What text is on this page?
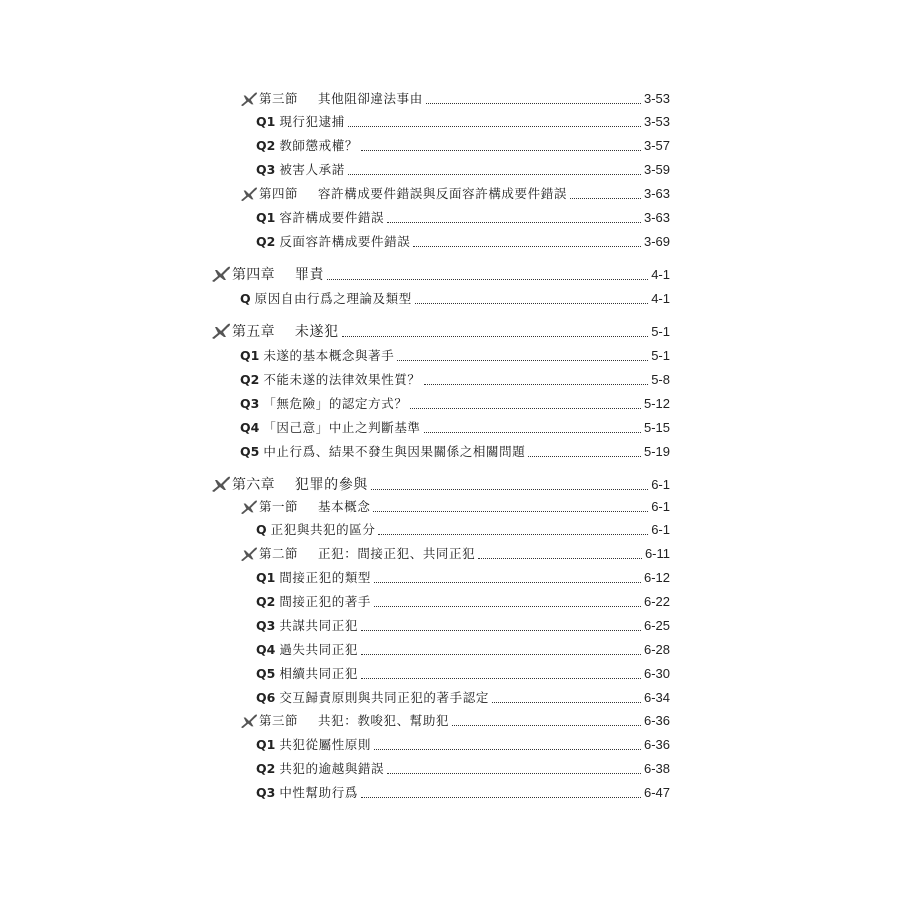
第三節 其他阻卻違法事由	3-53
Q1 現行犯逮捕	3-53
Q2 教師懲戒權？	3-57
Q3 被害人承諾	3-59
第四節 容許構成要件錯誤與反面容許構成要件錯誤	3-63
Q1 容許構成要件錯誤	3-63
Q2 反面容許構成要件錯誤	3-69
第四章 罪責	4-1
Q 原因自由行爲之理論及類型	4-1
第五章 未遂犯	5-1
Q1 未遂的基本概念與著手	5-1
Q2 不能未遂的法律效果性質？	5-8
Q3 「無危險」的認定方式？	5-12
Q4 「因己意」中止之判斷基準	5-15
Q5 中止行爲、結果不發生與因果關係之相關問題	5-19
第六章 犯罪的參與	6-1
第一節 基本概念	6-1
Q 正犯與共犯的區分	6-1
第二節 正犯：間接正犯、共同正犯	6-11
Q1 間接正犯的類型	6-12
Q2 間接正犯的著手	6-22
Q3 共謀共同正犯	6-25
Q4 過失共同正犯	6-28
Q5 相續共同正犯	6-30
Q6 交互歸責原則與共同正犯的著手認定	6-34
第三節 共犯：教唆犯、幫助犯	6-36
Q1 共犯從屬性原則	6-36
Q2 共犯的逾越與錯誤	6-38
Q3 中性幫助行爲	6-47
